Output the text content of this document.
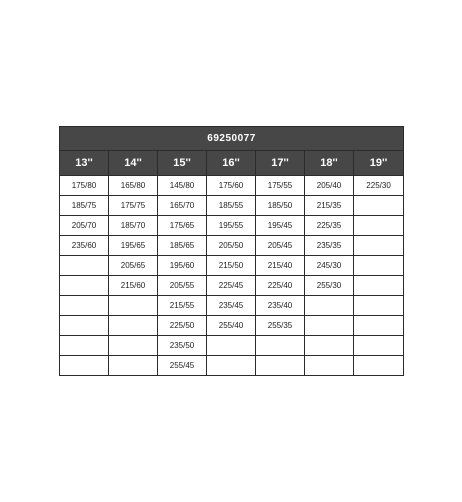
69250077						
13''	14''	15''	16''	17''	18''	19''
175/80	165/80	145/80	175/60	175/55	205/40	225/30
185/75	175/75	165/70	185/55	185/50	215/35	
205/70	185/70	175/65	195/55	195/45	225/35	
235/60	195/65	185/65	205/50	205/45	235/35	
	205/65	195/60	215/50	215/40	245/30	
	215/60	205/55	225/45	225/40	255/30	
		215/55	235/45	235/40		
		225/50	255/40	255/35		
		235/50				
		255/45				
